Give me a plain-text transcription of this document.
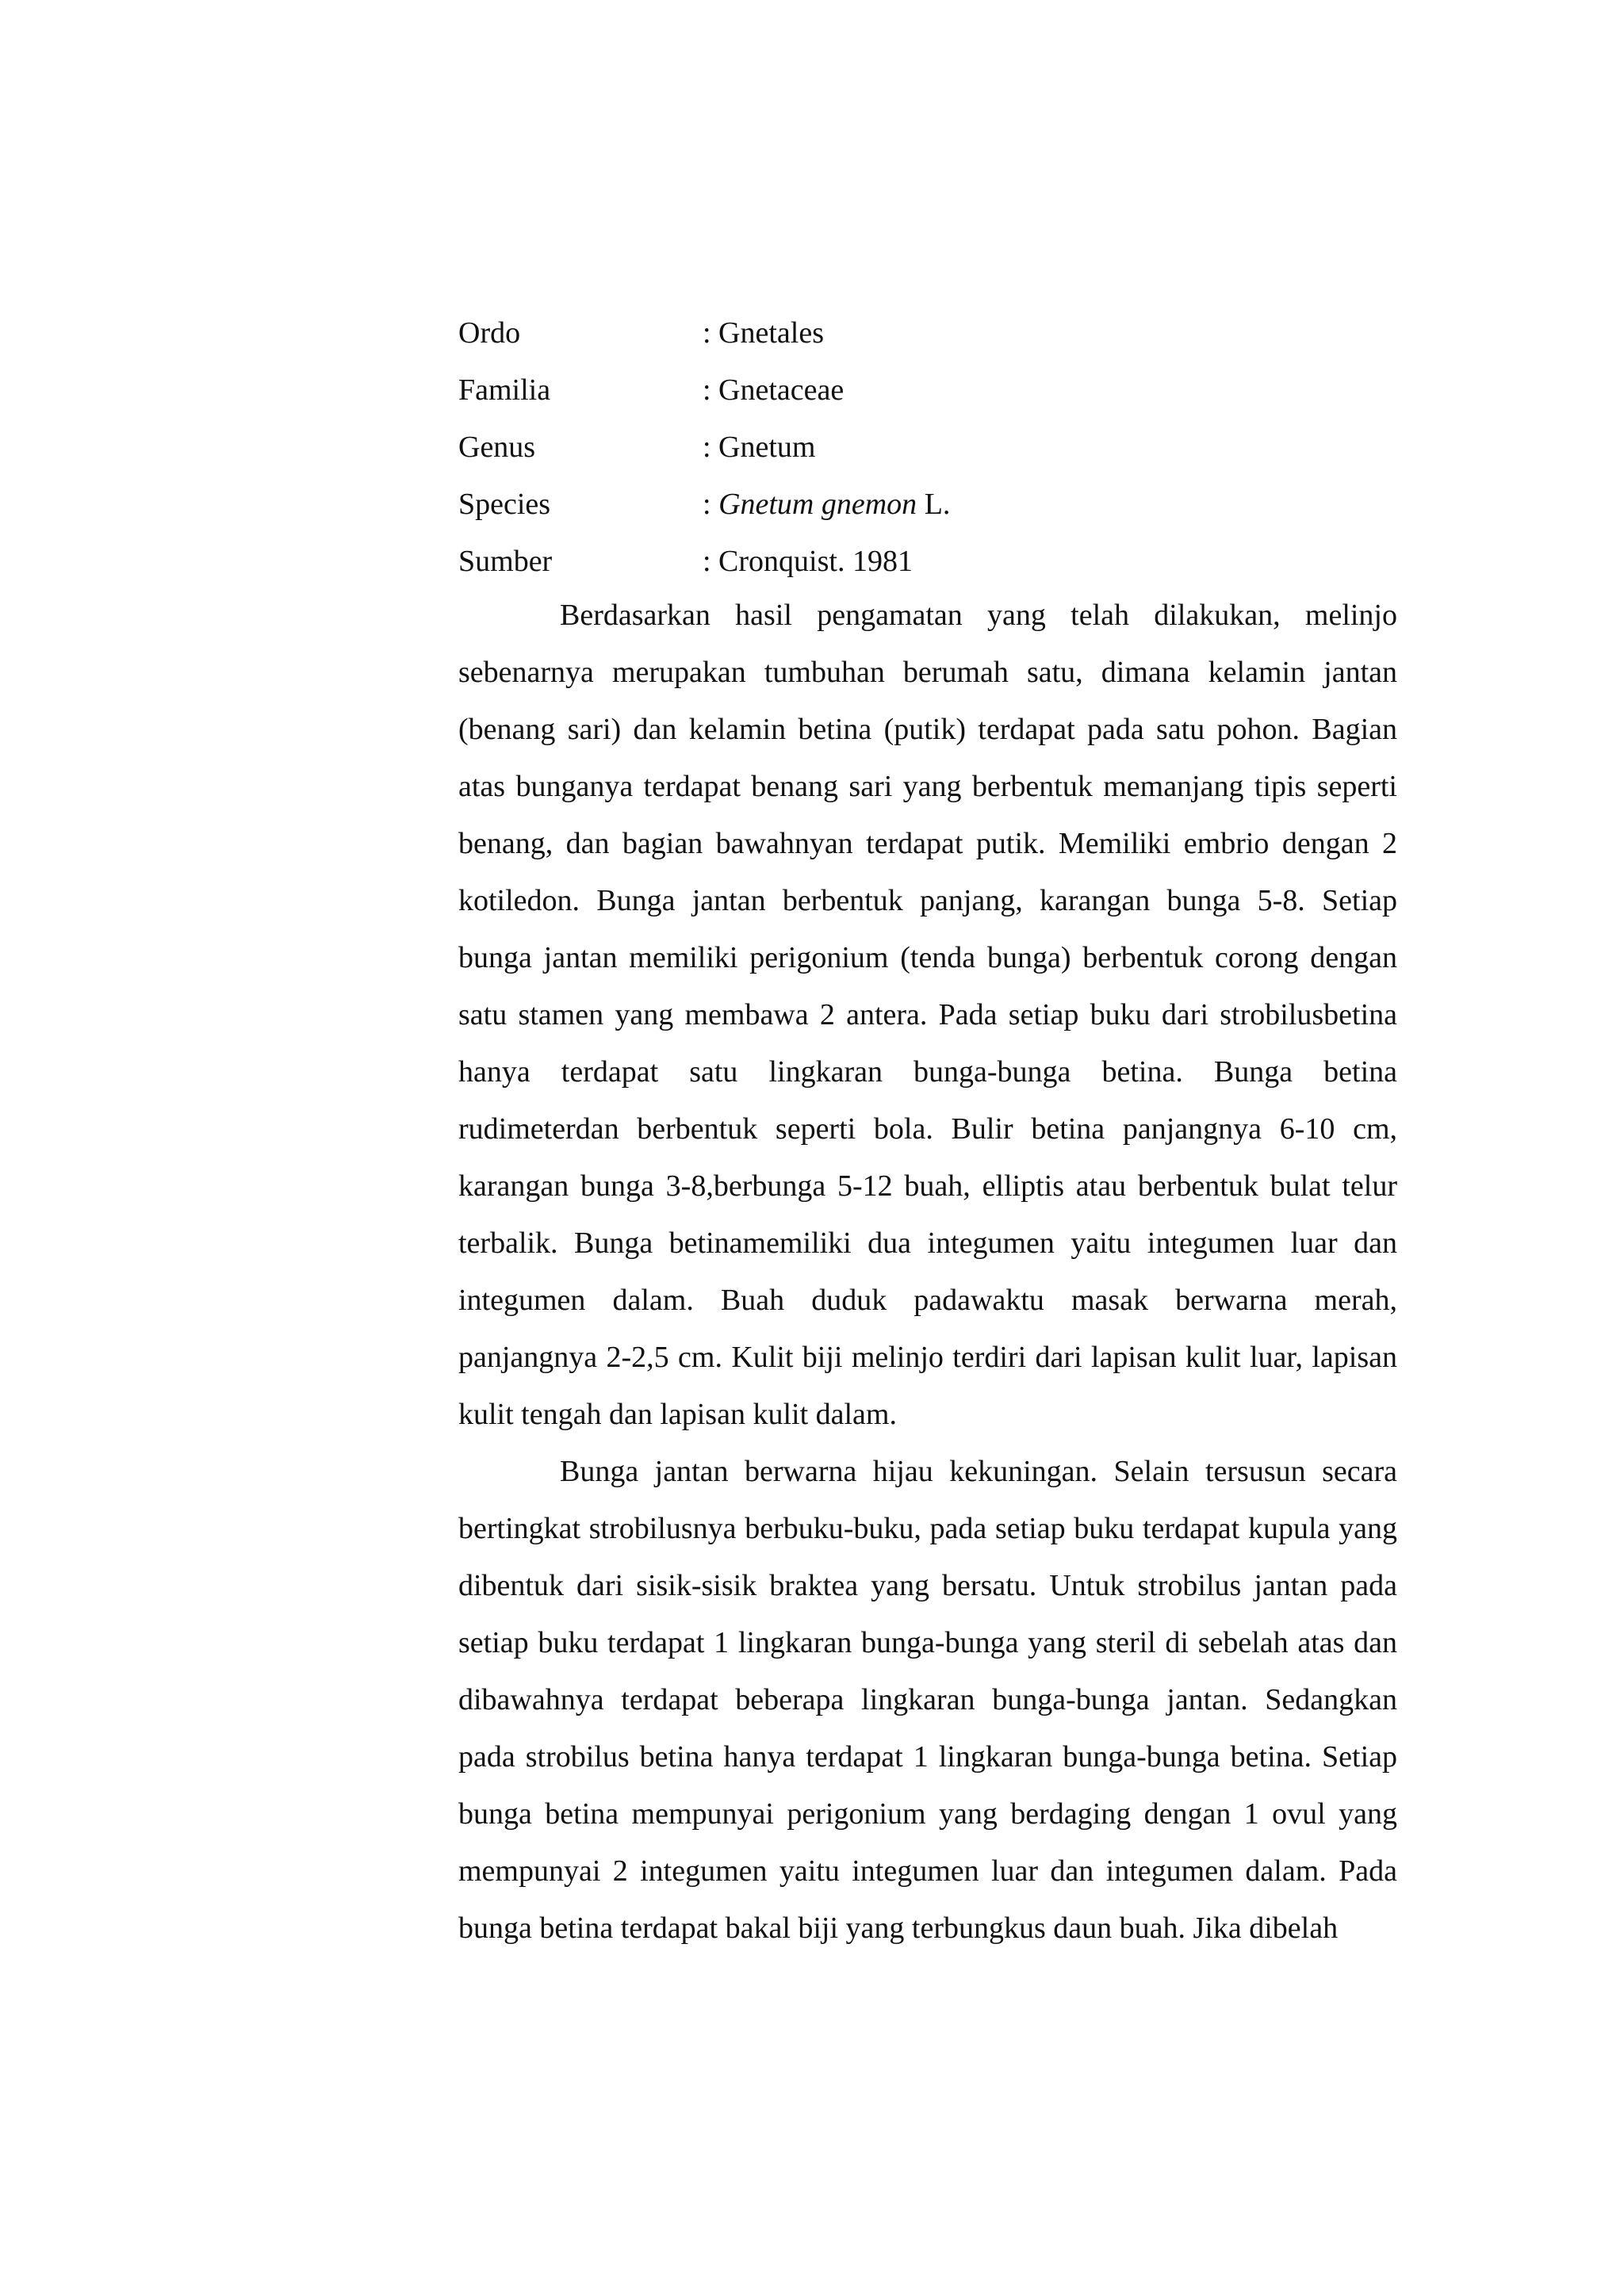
Ordo	: Gnetales
Familia	: Gnetaceae
Genus	: Gnetum
Species	: Gnetum gnemon L.
Sumber	: Cronquist. 1981

Berdasarkan hasil pengamatan yang telah dilakukan, melinjo sebenarnya merupakan tumbuhan berumah satu, dimana kelamin jantan (benang sari) dan kelamin betina (putik) terdapat pada satu pohon. Bagian atas bunganya terdapat benang sari yang berbentuk memanjang tipis seperti benang, dan bagian bawahnyan terdapat putik. Memiliki embrio dengan 2 kotiledon. Bunga jantan berbentuk panjang, karangan bunga 5-8. Setiap bunga jantan memiliki perigonium (tenda bunga) berbentuk corong dengan satu stamen yang membawa 2 antera. Pada setiap buku dari strobilusbetina hanya terdapat satu lingkaran bunga-bunga betina. Bunga betina rudimeterdan berbentuk seperti bola. Bulir betina panjangnya 6-10 cm, karangan bunga 3-8,berbunga 5-12 buah, elliptis atau berbentuk bulat telur terbalik. Bunga betinamemiliki dua integumen yaitu integumen luar dan integumen dalam. Buah duduk padawaktu masak berwarna merah, panjangnya 2-2,5 cm. Kulit biji melinjo terdiri dari lapisan kulit luar, lapisan kulit tengah dan lapisan kulit dalam.

Bunga jantan berwarna hijau kekuningan. Selain tersusun secara bertingkat strobilusnya berbuku-buku, pada setiap buku terdapat kupula yang dibentuk dari sisik-sisik braktea yang bersatu. Untuk strobilus jantan pada setiap buku terdapat 1 lingkaran bunga-bunga yang steril di sebelah atas dan dibawahnya terdapat beberapa lingkaran bunga-bunga jantan. Sedangkan pada strobilus betina hanya terdapat 1 lingkaran bunga-bunga betina. Setiap bunga betina mempunyai perigonium yang berdaging dengan 1 ovul yang mempunyai 2 integumen yaitu integumen luar dan integumen dalam. Pada bunga betina terdapat bakal biji yang terbungkus daun buah. Jika dibelah
